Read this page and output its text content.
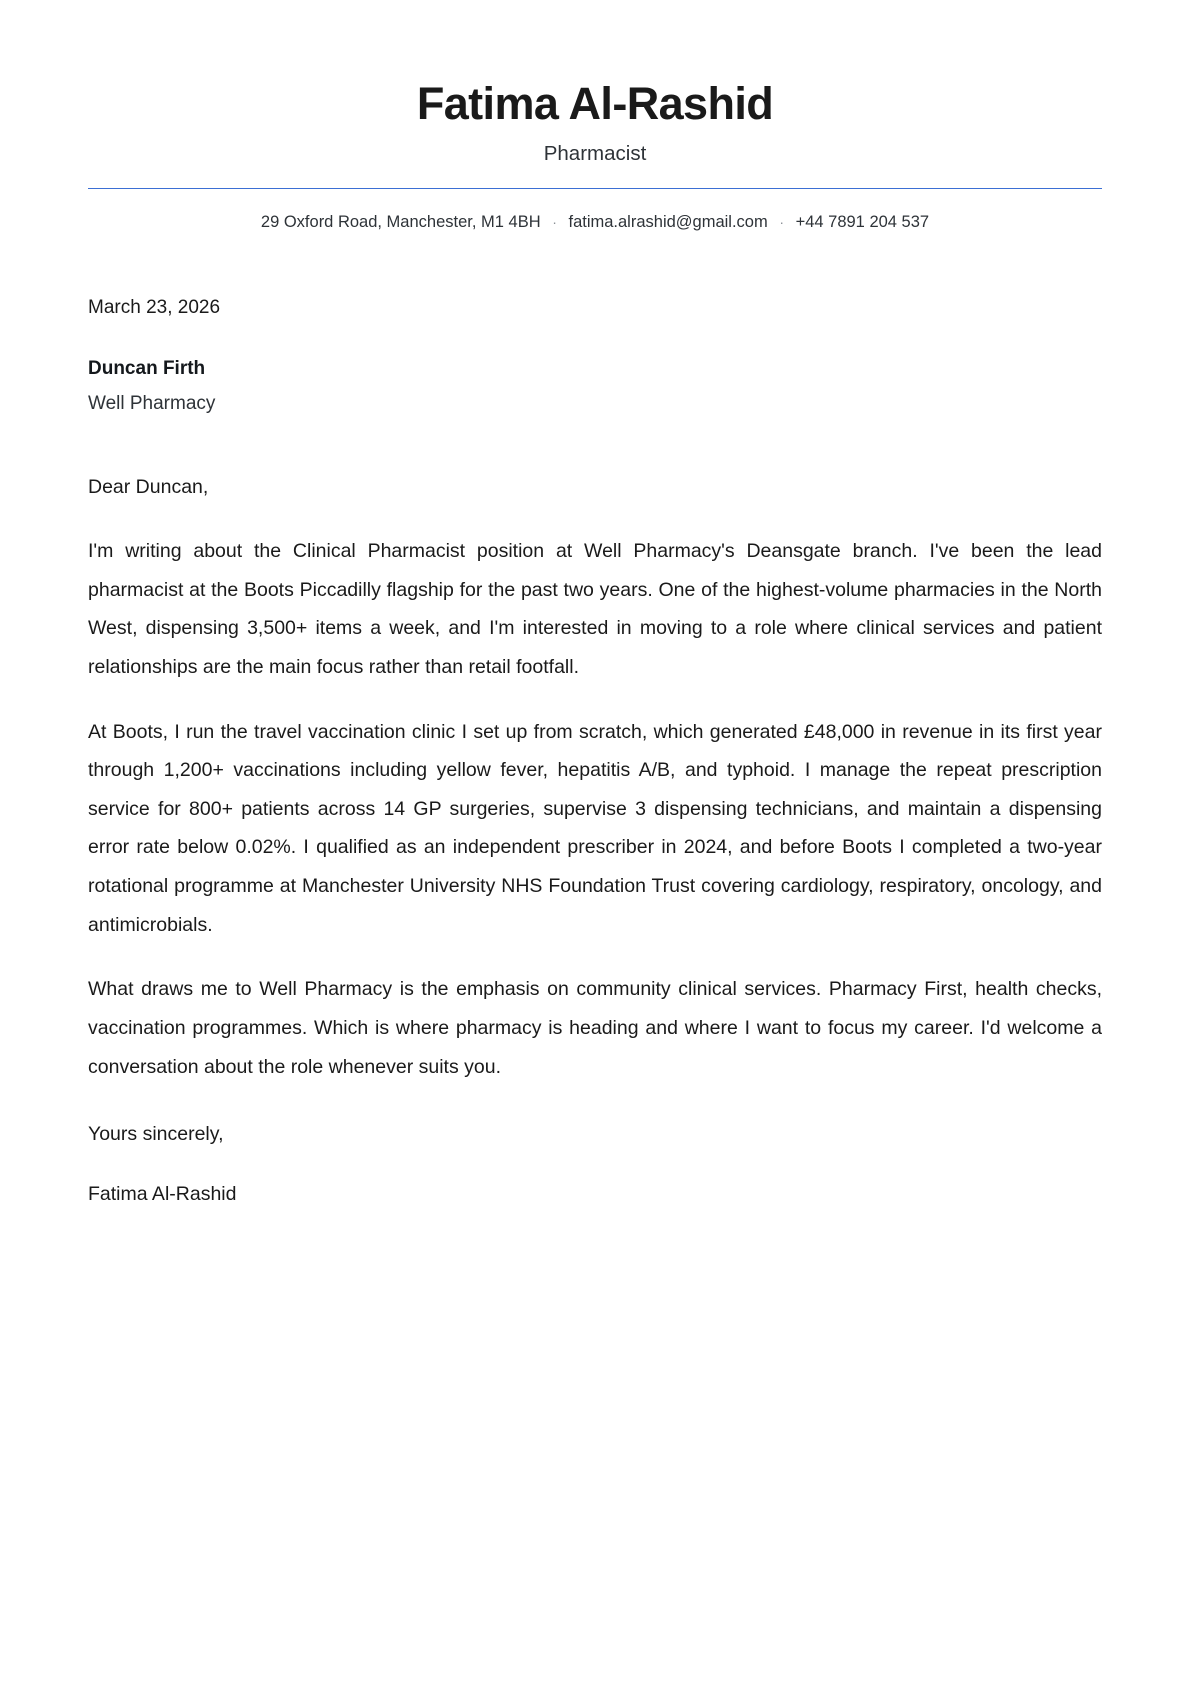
Fatima Al-Rashid
Pharmacist
29 Oxford Road, Manchester, M1 4BH · fatima.alrashid@gmail.com · +44 7891 204 537
March 23, 2026
Duncan Firth
Well Pharmacy
Dear Duncan,

I'm writing about the Clinical Pharmacist position at Well Pharmacy's Deansgate branch. I've been the lead pharmacist at the Boots Piccadilly flagship for the past two years. One of the highest-volume pharmacies in the North West, dispensing 3,500+ items a week, and I'm interested in moving to a role where clinical services and patient relationships are the main focus rather than retail footfall.

At Boots, I run the travel vaccination clinic I set up from scratch, which generated £48,000 in revenue in its first year through 1,200+ vaccinations including yellow fever, hepatitis A/B, and typhoid. I manage the repeat prescription service for 800+ patients across 14 GP surgeries, supervise 3 dispensing technicians, and maintain a dispensing error rate below 0.02%. I qualified as an independent prescriber in 2024, and before Boots I completed a two-year rotational programme at Manchester University NHS Foundation Trust covering cardiology, respiratory, oncology, and antimicrobials.

What draws me to Well Pharmacy is the emphasis on community clinical services. Pharmacy First, health checks, vaccination programmes. Which is where pharmacy is heading and where I want to focus my career. I'd welcome a conversation about the role whenever suits you.

Yours sincerely,
Fatima Al-Rashid
